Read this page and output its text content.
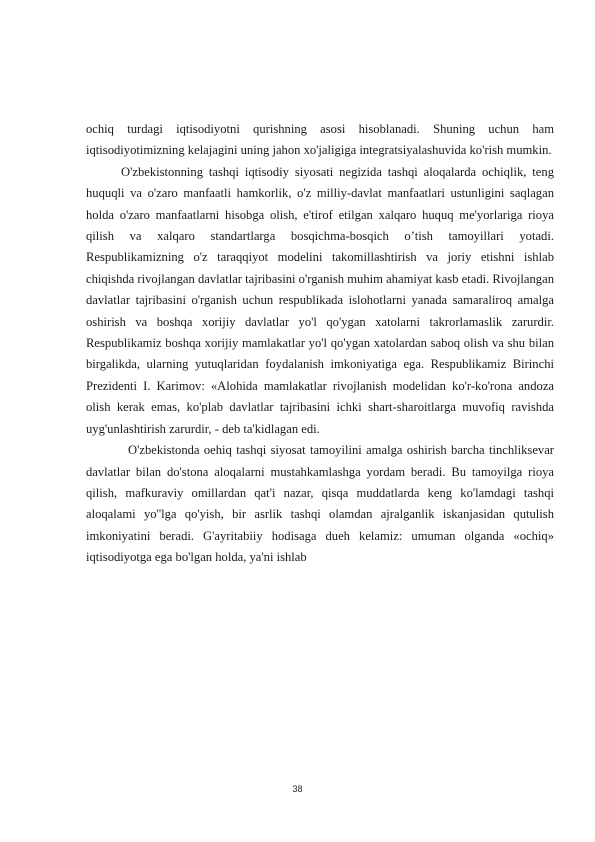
ochiq turdagi iqtisodiyotni qurishning asosi hisoblanadi. Shuning uchun ham iqtisodiyotimizning kelajagini uning jahon xo'jaligiga integratsiyalashuvida ko'rish mumkin.

O'zbekistonning tashqi iqtisodiy siyosati negizida tashqi aloqalarda ochiqlik, teng huquqli va o'zaro manfaatli hamkorlik, o'z milliy-davlat manfaatlari ustunligini saqlagan holda o'zaro manfaatlarni hisobga olish, e'tirof etilgan xalqaro huquq me'yorlariga rioya qilish va xalqaro standartlarga bosqichma-bosqich o’tish tamoyillari yotadi. Respublikamizning o'z taraqqiyot modelini takomillashtirish va joriy etishni ishlab chiqishda rivojlangan davlatlar tajribasini o'rganish muhim ahamiyat kasb etadi. Rivojlangan davlatlar tajribasini o'rganish uchun respublikada islohotlarni yanada samaraliroq amalga oshirish va boshqa xorijiy davlatlar yo'l qo'ygan xatolarni takrorlamaslik zarurdir. Respublikamiz boshqa xorijiy mamlakatlar yo'l qo'ygan xatolardan saboq olish va shu bilan birgalikda, ularning yutuqlaridan foydalanish imkoniyatiga ega. Respublikamiz Birinchi Prezidenti I. Karimov: «Alohida mamlakatlar rivojlanish modelidan ko'r-ko'rona andoza olish kerak emas, ko'plab davlatlar tajribasini ichki shart-sharoitlarga muvofiq ravishda uyg'unlashtirish zarurdir, - deb ta'kidlagan edi.

O'zbekistonda oehiq tashqi siyosat tamoyilini amalga oshirish barcha tinchliksevar davlatlar bilan do'stona aloqalarni mustahkamlashga yordam beradi. Bu tamoyilga rioya qilish, mafkuraviy omillardan qat'i nazar, qisqa muddatlarda keng ko'lamdagi tashqi aloqalami yo''lga qo'yish, bir asrlik tashqi olamdan ajralganlik iskanjasidan qutulish imkoniyatini beradi. G'ayritabiiy hodisaga dueh kelamiz: umuman olganda «ochiq» iqtisodiyotga ega bo'lgan holda, ya'ni ishlab

38
